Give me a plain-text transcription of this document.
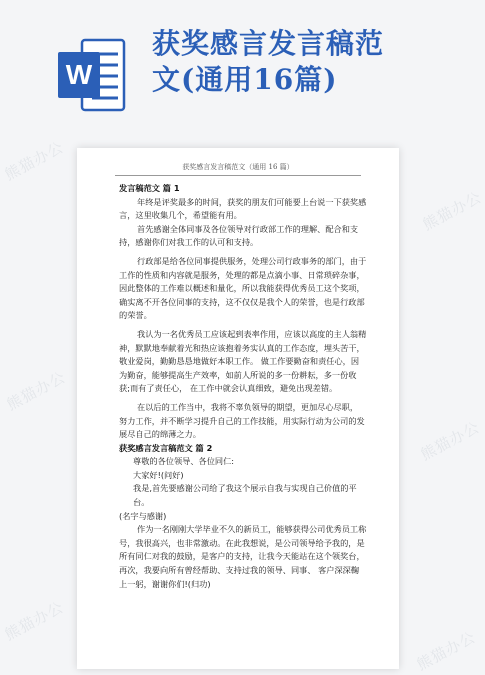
熊猫办公
熊猫办公
熊猫办公
熊猫办公
熊猫办公
熊猫办公
W
获奖感言发言稿范
文(通用16篇)
获奖感言发言稿范文（通用 16 篇）

发言稿范文 篇 1

年终是评奖最多的时间，获奖的朋友们可能要上台说一下获奖感言，这里收集几个，希望能有用。

首先感谢全体同事及各位领导对行政部工作的理解、配合和支持，感谢你们对我工作的认可和支持。

行政部是给各位同事提供服务，处理公司行政事务的部门，由于工作的性质和内容就是服务，处理的都是点滴小事、日常琐碎杂事，因此整体的工作难以概述和量化，所以我能获得优秀员工这个奖项，确实离不开各位同事的支持，这不仅仅是我个人的荣誉，也是行政部的荣誉。

我认为一名优秀员工应该起到表率作用，应该以高度的主人翁精神，默默地奉献着光和热应该抱着务实认真的工作态度，埋头苦干，敬业爱岗，勤勤恳恳地做好本职工作。 做工作要勤奋和责任心，因为勤奋，能够提高生产效率，如前人所说的多一份耕耘，多一份收获;而有了责任心， 在工作中就会认真细致，避免出现差错。

在以后的工作当中，我将不辜负领导的期望，更加尽心尽职， 努力工作，并不断学习提升自己的工作技能，用实际行动为公司的发展尽自己的绵薄之力。

获奖感言发言稿范文 篇 2

尊敬的各位领导、各位同仁:

大家好!(问好)

我是,首先要感谢公司给了我这个展示自我与实现自己价值的平台。

(名字与感谢)

作为一名刚刚大学毕业不久的新员工，能够获得公司优秀员工称号，我很高兴，也非常激动。在此我想说，是公司领导给予我的，是所有同仁对我的鼓励，是客户的支持，让我今天能站在这个领奖台，再次，我要向所有曾经帮助、支持过我的领导、同事、 客户深深鞠上一躬，谢谢你们!(归功)
